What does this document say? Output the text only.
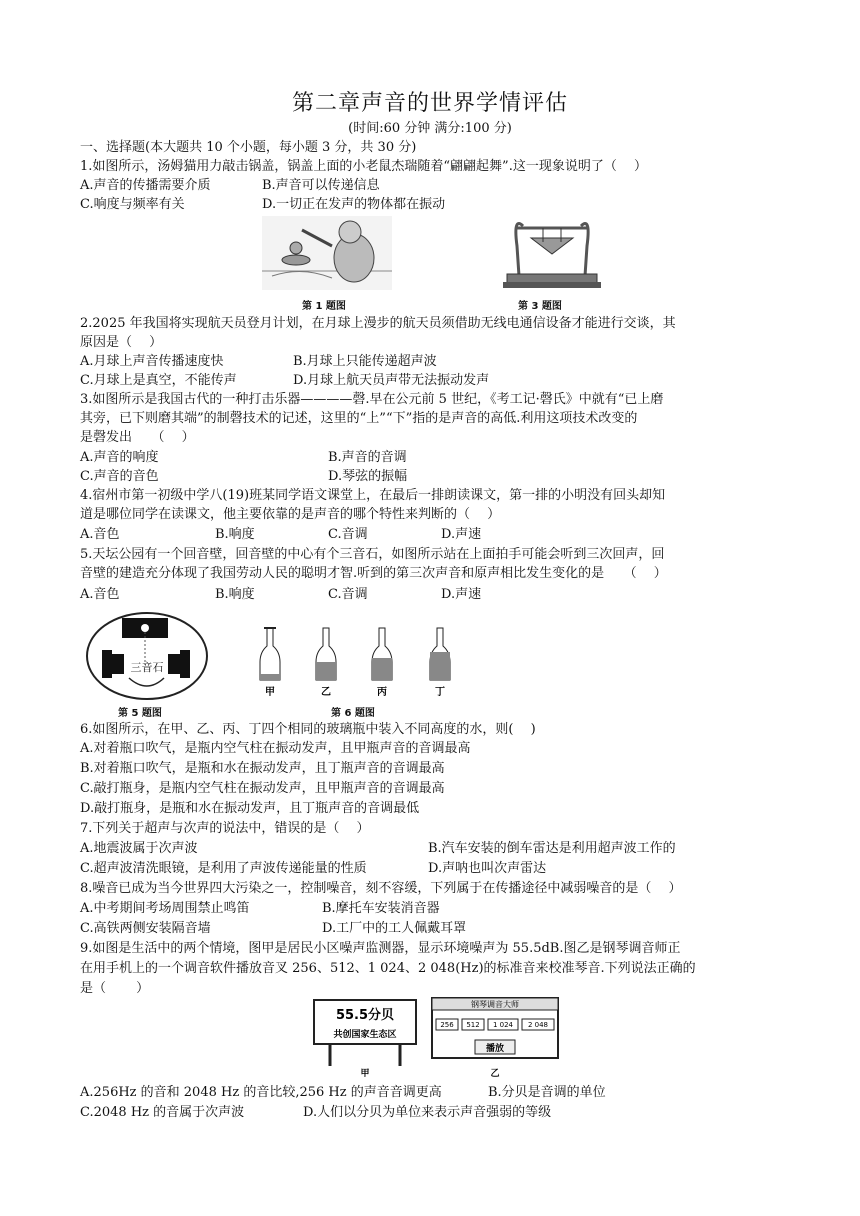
第二章声音的世界学情评估
(时间:60 分钟 满分:100 分)
一、选择题(本大题共 10 个小题，每小题 3 分，共 30 分)
1.如图所示，汤姆猫用力敲击锅盖，锅盖上面的小老鼠杰瑞随着“翩翩起舞”.这一现象说明了（　 ）
A.声音的传播需要介质	B.声音可以传递信息
C.响度与频率有关	D.一切正在发声的物体都在振动
第 1 题图	第 3 题图
2.2025 年我国将实现航天员登月计划，在月球上漫步的航天员须借助无线电通信设备才能进行交谈，其
原因是（　 ）
A.月球上声音传播速度快	B.月球上只能传递超声波
C.月球上是真空，不能传声	D.月球上航天员声带无法振动发声
3.如图所示是我国古代的一种打击乐器————磬.早在公元前 5 世纪，《考工记·磬氏》中就有“已上磨
其旁，已下则磨其端”的制磬技术的记述，这里的“上”“下”指的是声音的高低.利用这项技术改变的
是磬发出　　（　 ）
A.声音的响度	B.声音的音调
C.声音的音色	D.琴弦的振幅
4.宿州市第一初级中学八(19)班某同学语文课堂上，在最后一排朗读课文，第一排的小明没有回头却知
道是哪位同学在读课文，他主要依靠的是声音的哪个特性来判断的（　 ）
A.音色	B.响度	C.音调	D.声速
5.天坛公园有一个回音壁，回音壁的中心有个三音石，如图所示站在上面拍手可能会听到三次回声，回
音壁的建造充分体现了我国劳动人民的聪明才智.听到的第三次声音和原声相比发生变化的是　　（　 ）
A.音色	B.响度	C.音调	D.声速
三音石
第 5 题图
甲	乙	丙	丁
第 6 题图
6.如图所示，在甲、乙、丙、丁四个相同的玻璃瓶中装入不同高度的水，则(　 )
A.对着瓶口吹气，是瓶内空气柱在振动发声，且甲瓶声音的音调最高
B.对着瓶口吹气，是瓶和水在振动发声，且丁瓶声音的音调最高
C.敲打瓶身，是瓶内空气柱在振动发声，且甲瓶声音的音调最高
D.敲打瓶身，是瓶和水在振动发声，且丁瓶声音的音调最低
7.下列关于超声与次声的说法中，错误的是（　 ）
A.地震波属于次声波	B.汽车安装的倒车雷达是利用超声波工作的
C.超声波清洗眼镜，是利用了声波传递能量的性质	D.声呐也叫次声雷达
8.噪音已成为当今世界四大污染之一，控制噪音，刻不容缓，下列属于在传播途径中减弱噪音的是（　 ）
A.中考期间考场周围禁止鸣笛	B.摩托车安装消音器
C.高铁两侧安装隔音墙	D.工厂中的工人佩戴耳罩
9.如图是生活中的两个情境，图甲是居民小区噪声监测器，显示环境噪声为 55.5dB.图乙是钢琴调音师正
在用手机上的一个调音软件播放音叉 256、512、1 024、2 048(Hz)的标准音来校准琴音.下列说法正确的
是（　　 ）
55.5分贝
共创国家生态区
钢琴调音大师
256 512 1 024 2 048
播放
甲	乙
A.256Hz 的音和 2048 Hz 的音比较,256 Hz 的声音音调更高	B.分贝是音调的单位
C.2048 Hz 的音属于次声波	D.人们以分贝为单位来表示声音强弱的等级
